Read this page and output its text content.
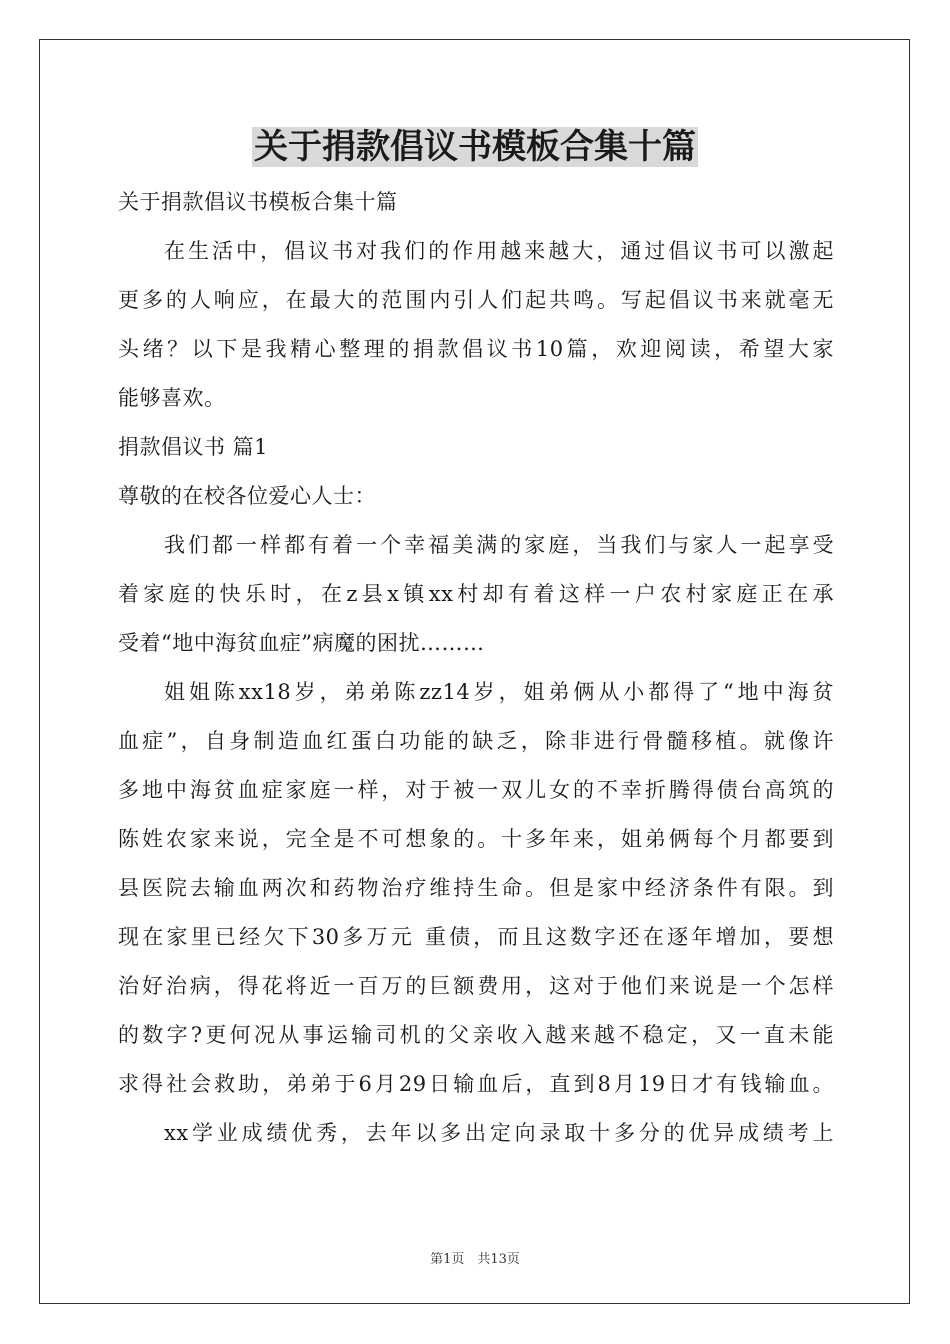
关于捐款倡议书模板合集十篇
关于捐款倡议书模板合集十篇
在生活中，倡议书对我们的作用越来越大，通过倡议书可以激起
更多的人响应，在最大的范围内引人们起共鸣。写起倡议书来就毫无
头绪？以下是我精心整理的捐款倡议书10篇，欢迎阅读，希望大家
能够喜欢。
捐款倡议书 篇1
尊敬的在校各位爱心人士：
我们都一样都有着一个幸福美满的家庭，当我们与家人一起享受
着家庭的快乐时，在z县x镇xx村却有着这样一户农村家庭正在承
受着“地中海贫血症”病魔的困扰………
姐姐陈xx18岁，弟弟陈zz14岁，姐弟俩从小都得了“地中海贫
血症”，自身制造血红蛋白功能的缺乏，除非进行骨髓移植。就像许
多地中海贫血症家庭一样，对于被一双儿女的不幸折腾得债台高筑的
陈姓农家来说，完全是不可想象的。十多年来，姐弟俩每个月都要到
县医院去输血两次和药物治疗维持生命。但是家中经济条件有限。到
现在家里已经欠下30多万元 重债，而且这数字还在逐年增加，要想
治好治病，得花将近一百万的巨额费用，这对于他们来说是一个怎样
的数字?更何况从事运输司机的父亲收入越来越不稳定，又一直未能
求得社会救助，弟弟于6月29日输血后，直到8月19日才有钱输血。
xx学业成绩优秀，去年以多出定向录取十多分的优异成绩考上
第1页　共13页
